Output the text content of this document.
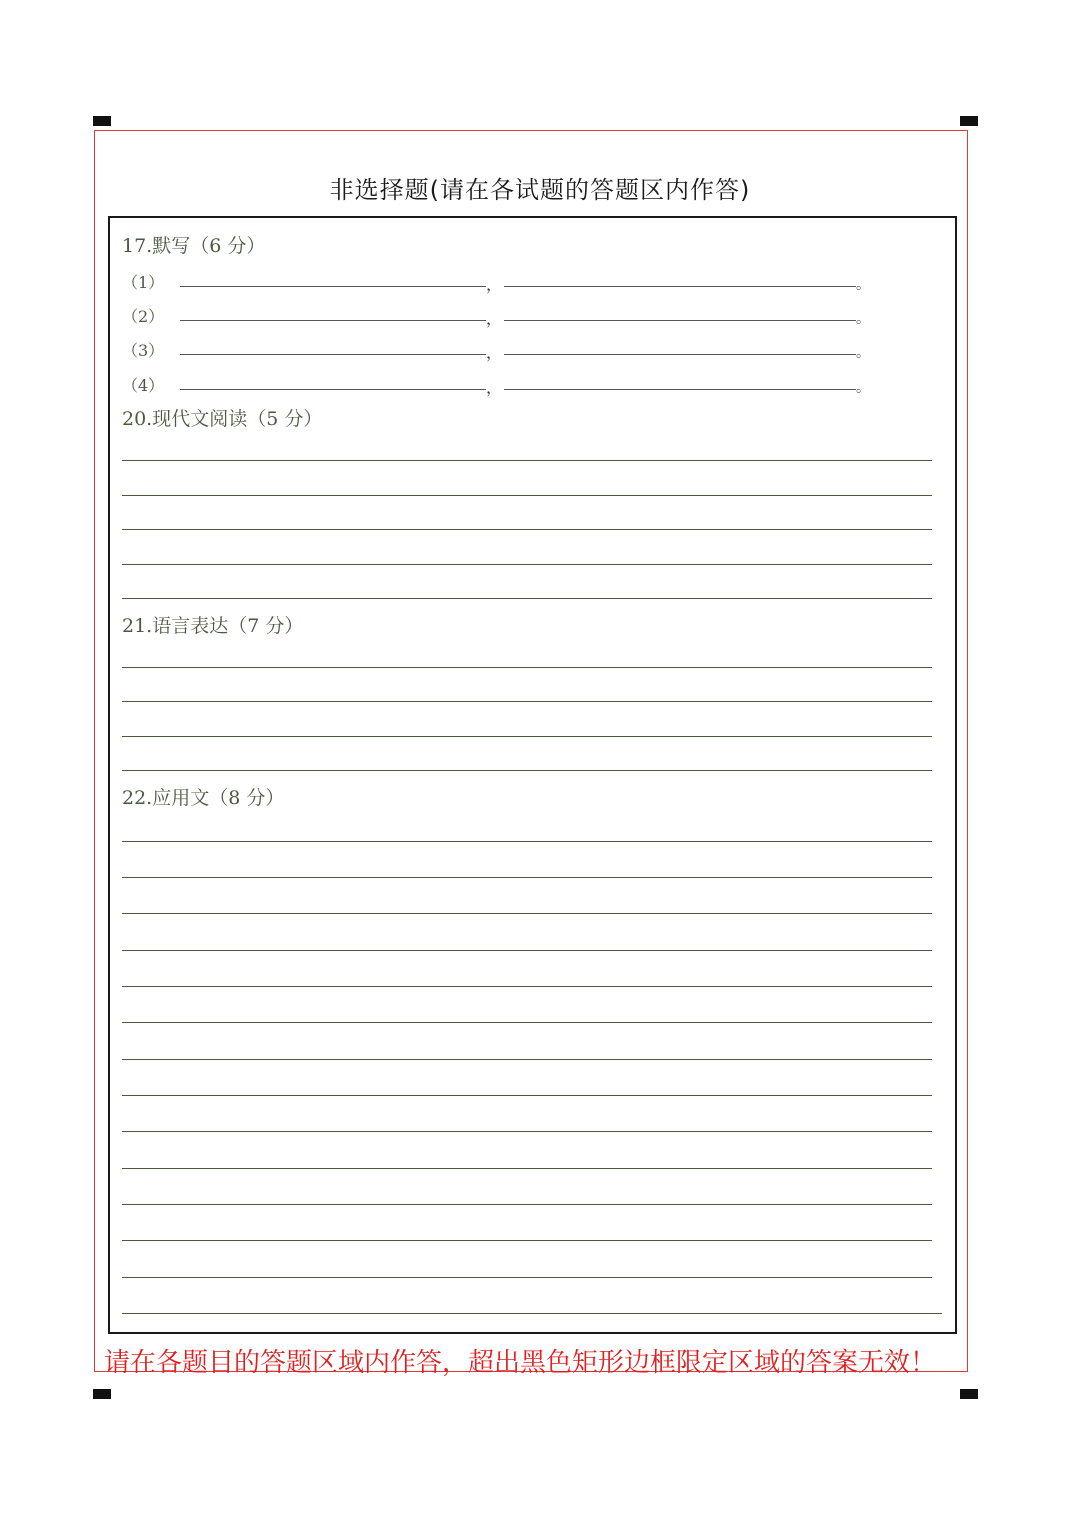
非选择题(请在各试题的答题区内作答)
17.默写（6 分）
（1）	，	。
（2）	，	。
（3）	，	。
（4）	，	。
20.现代文阅读（5 分）
21.语言表达（7 分）
22.应用文（8 分）
请在各题目的答题区域内作答，超出黑色矩形边框限定区域的答案无效！
